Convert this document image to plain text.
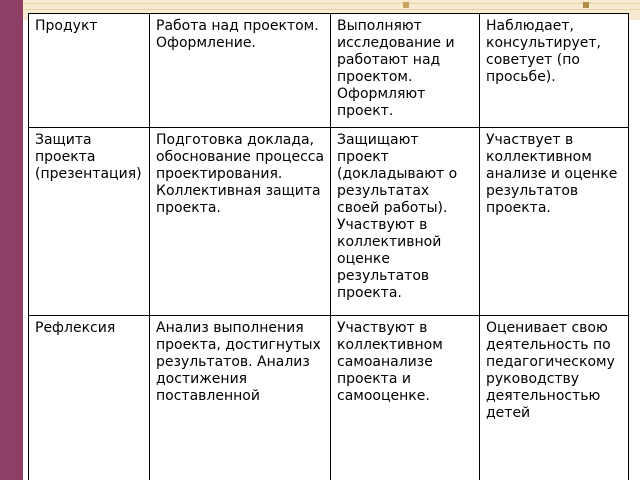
Продукт	Работа над проектом. Оформление.	Выполняют исследование и работают над проектом. Оформляют проект.	Наблюдает, консультирует, советует (по просьбе).

Защита проекта (презентация)	Подготовка доклада, обоснование процесса проектирования. Коллективная защита проекта.	Защищают проект (докладывают о результатах своей работы). Участвуют в коллективной оценке результатов проекта.	Участвует в коллективном анализе и оценке результатов проекта.

Рефлексия	Анализ выполнения проекта, достигнутых результатов. Анализ достижения поставленной	Участвуют в коллективном самоанализе проекта и самооценке.	Оценивает свою деятельность по педагогическому руководству деятельностью детей
